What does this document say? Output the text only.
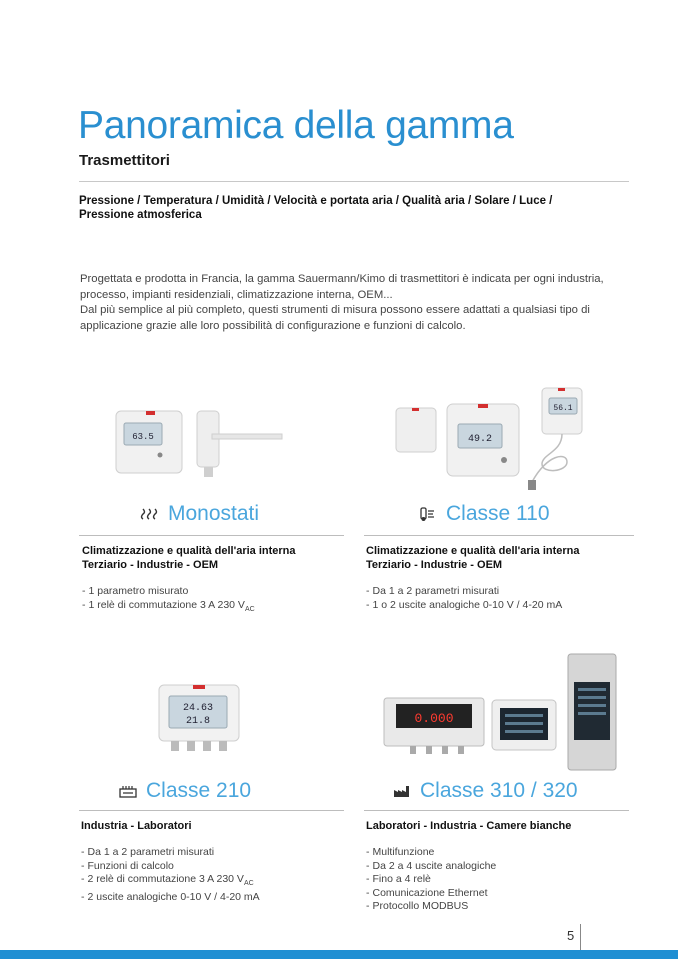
Panoramica della gamma
Trasmettitori
Pressione / Temperatura / Umidità / Velocità e portata aria / Qualità aria / Solare / Luce /
Pressione atmosferica

Progettata e prodotta in Francia, la gamma Sauermann/Kimo di trasmettitori è indicata per ogni industria, processo, impianti residenziali, climatizzazione interna, OEM...

Dal più semplice al più completo, questi strumenti di misura possono essere adattati a qualsiasi tipo di applicazione grazie alle loro possibilità di configurazione e funzioni di calcolo.

63.5
Monostati
Climatizzazione e qualità dell'aria interna
Terziario - Industrie - OEM
- 1 parametro misurato
- 1 relè di commutazione 3 A 230 $V_{AC}$
49.2
56.1
Classe 110
Climatizzazione e qualità dell'aria interna
Terziario - Industrie - OEM
- Da 1 a 2 parametri misurati
- 1 o 2 uscite analogiche 0-10 V / 4-20 mA
24.63
21.8
Classe 210
Industria - Laboratori
- Da 1 a 2 parametri misurati
- Funzioni di calcolo
- 2 relè di commutazione 3 A 230 $V_{AC}$
- 2 uscite analogiche 0-10 V / 4-20 mA
0.000
Classe 310 / 320
Laboratori - Industria - Camere bianche
- Multifunzione
- Da 2 a 4 uscite analogiche
- Fino a 4 relè
- Comunicazione Ethernet
- Protocollo MODBUS
5
